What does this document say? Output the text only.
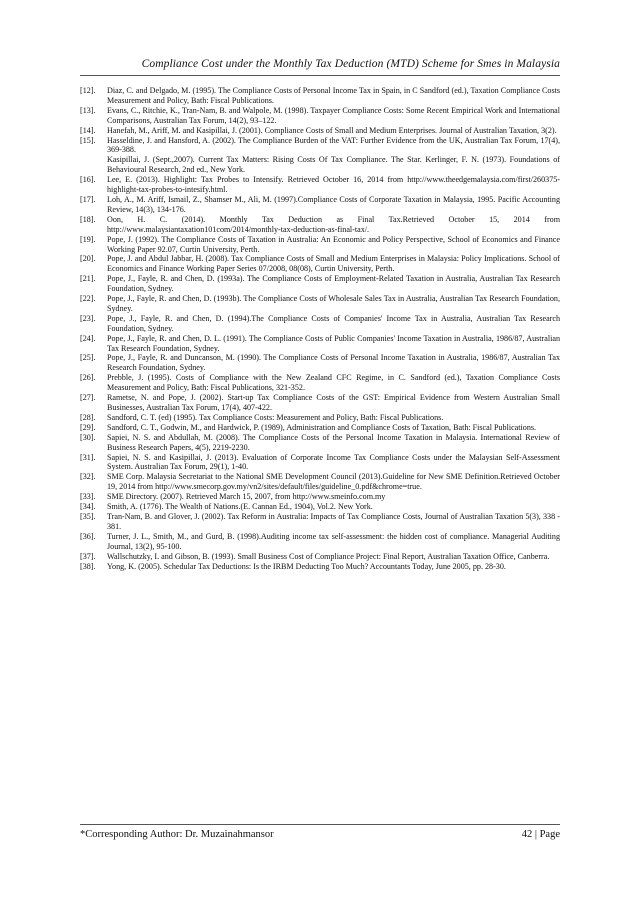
Compliance Cost under the Monthly Tax Deduction (MTD) Scheme for Smes in Malaysia
[12].	Diaz, C. and Delgado, M. (1995). The Compliance Costs of Personal Income Tax in Spain, in C Sandford (ed.), Taxation Compliance Costs Measurement and Policy, Bath: Fiscal Publications.
[13].	Evans, C., Ritchie, K., Tran-Nam, B. and Walpole, M. (1998). Taxpayer Compliance Costs: Some Recent Empirical Work and International Comparisons, Australian Tax Forum, 14(2), 93–122.
[14].	Hanefah, M., Ariff, M. and Kasipillai, J. (2001). Compliance Costs of Small and Medium Enterprises. Journal of Australian Taxation, 3(2).
[15].	Hasseldine, J. and Hansford, A. (2002). The Compliance Burden of the VAT: Further Evidence from the UK, Australian Tax Forum, 17(4), 369-388.
Kasipillai, J. (Sept.,2007). Current Tax Matters: Rising Costs Of Tax Compliance. The Star. Kerlinger, F. N. (1973). Foundations of Behavioural Research, 2nd ed., New York.
[16].	Lee, E. (2013). Highlight: Tax Probes to Intensify. Retrieved October 16, 2014 from http://www.theedgemalaysia.com/first/260375-highlight-tax-probes-to-intesify.html.
[17].	Loh, A., M. Ariff, Ismail, Z., Shamser M., Ali, M. (1997).Compliance Costs of Corporate Taxation in Malaysia, 1995. Pacific Accounting Review, 14(3), 134-176.
[18].	Oon, H. C. (2014). Monthly Tax Deduction as Final Tax.Retrieved October 15, 2014 from http://www.malaysiantaxation101com/2014/monthly-tax-deduction-as-final-tax/.
[19].	Pope, J. (1992). The Compliance Costs of Taxation in Australia: An Economic and Policy Perspective, School of Economics and Finance Working Paper 92.07, Curtin University, Perth.
[20].	Pope, J. and Abdul Jabbar, H. (2008). Tax Compliance Costs of Small and Medium Enterprises in Malaysia: Policy Implications. School of Economics and Finance Working Paper Series 07/2008, 08(08), Curtin University, Perth.
[21].	Pope, J., Fayle, R. and Chen, D. (1993a). The Compliance Costs of Employment-Related Taxation in Australia, Australian Tax Research Foundation, Sydney.
[22].	Pope, J., Fayle, R. and Chen, D. (1993b). The Compliance Costs of Wholesale Sales Tax in Australia, Australian Tax Research Foundation, Sydney.
[23].	Pope, J., Fayle, R. and Chen, D. (1994).The Compliance Costs of Companies' Income Tax in Australia, Australian Tax Research Foundation, Sydney.
[24].	Pope, J., Fayle, R. and Chen, D. L. (1991). The Compliance Costs of Public Companies' Income Taxation in Australia, 1986/87, Australian Tax Research Foundation, Sydney.
[25].	Pope, J., Fayle, R. and Duncanson, M. (1990). The Compliance Costs of Personal Income Taxation in Australia, 1986/87, Australian Tax Research Foundation, Sydney.
[26].	Prebble, J. (1995). Costs of Compliance with the New Zealand CFC Regime, in C. Sandford (ed.), Taxation Compliance Costs Measurement and Policy, Bath: Fiscal Publications, 321-352.
[27].	Rametse, N. and Pope, J. (2002). Start-up Tax Compliance Costs of the GST: Empirical Evidence from Western Australian Small Businesses, Australian Tax Forum, 17(4), 407-422.
[28].	Sandford, C. T. (ed) (1995). Tax Compliance Costs: Measurement and Policy, Bath: Fiscal Publications.
[29].	Sandford, C. T., Godwin, M., and Hardwick, P. (1989), Administration and Compliance Costs of Taxation, Bath: Fiscal Publications.
[30].	Sapiei, N. S. and Abdullah, M. (2008). The Compliance Costs of the Personal Income Taxation in Malaysia. International Review of Business Research Papers, 4(5), 2219-2230.
[31].	Sapiei, N. S. and Kasipillai, J. (2013). Evaluation of Corporate Income Tax Compliance Costs under the Malaysian Self-Assessment System. Australian Tax Forum, 29(1), 1-40.
[32].	SME Corp. Malaysia Secretariat to the National SME Development Council (2013).Guideline for New SME Definition.Retrieved October 19, 2014 from http://www.smecorp.gov.my/vn2/sites/default/files/guideline_0.pdf&chrome=true.
[33].	SME Directory. (2007). Retrieved March 15, 2007, from http://www.smeinfo.com.my
[34].	Smith, A. (1776). The Wealth of Nations.(E. Cannan Ed., 1904), Vol.2. New York.
[35].	Tran-Nam, B. and Glover, J. (2002). Tax Reform in Australia: Impacts of Tax Compliance Costs, Journal of Australian Taxation 5(3), 338 - 381.
[36].	Turner, J. L., Smith, M., and Gurd, B. (1998).Auditing income tax self-assessment: the hidden cost of compliance. Managerial Auditing Journal, 13(2), 95-100.
[37].	Wallschutzky, I. and Gibson, B. (1993). Small Business Cost of Compliance Project: Final Report, Australian Taxation Office, Canberra.
[38].	Yong, K. (2005). Schedular Tax Deductions: Is the IRBM Deducting Too Much? Accountants Today, June 2005, pp. 28-30.
*Corresponding Author: Dr. Muzainahmansor	42 | Page
